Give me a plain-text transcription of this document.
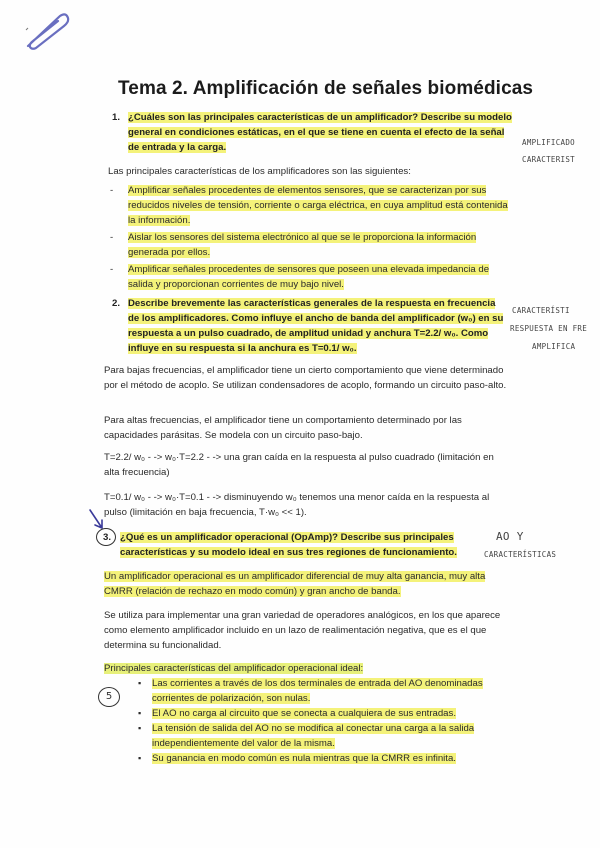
Tema 2. Amplificación de señales biomédicas
1. ¿Cuáles son las principales características de un amplificador? Describe su modelo general en condiciones estáticas, en el que se tiene en cuenta el efecto de la señal de entrada y la carga.
Las principales características de los amplificadores son las siguientes:
- Amplificar señales procedentes de elementos sensores, que se caracterizan por sus reducidos niveles de tensión, corriente o carga eléctrica, en cuya amplitud está contenida la información.
- Aislar los sensores del sistema electrónico al que se le proporciona la información generada por ellos.
- Amplificar señales procedentes de sensores que poseen una elevada impedancia de salida y proporcionan corrientes de muy bajo nivel.
2. Describe brevemente las características generales de la respuesta en frecuencia de los amplificadores. Como influye el ancho de banda del amplificador (w₀) en su respuesta a un pulso cuadrado, de amplitud unidad y anchura T=2.2/ w₀. Como influye en su respuesta si la anchura es T=0.1/ w₀.
Para bajas frecuencias, el amplificador tiene un cierto comportamiento que viene determinado por el método de acoplo. Se utilizan condensadores de acoplo, formando un circuito paso-alto.
Para altas frecuencias, el amplificador tiene un comportamiento determinado por las capacidades parásitas. Se modela con un circuito paso-bajo.
T=2.2/ w₀ - -> w₀·T=2.2 - -> una gran caída en la respuesta al pulso cuadrado (limitación en alta frecuencia)
T=0.1/ w₀ - -> w₀·T=0.1 - -> disminuyendo w₀ tenemos una menor caída en la respuesta al pulso (limitación en baja frecuencia, T·w₀ << 1).
3. ¿Qué es un amplificador operacional (OpAmp)? Describe sus principales características y su modelo ideal en sus tres regiones de funcionamiento.
Un amplificador operacional es un amplificador diferencial de muy alta ganancia, muy alta CMRR (relación de rechazo en modo común) y gran ancho de banda.
Se utiliza para implementar una gran variedad de operadores analógicos, en los que aparece como elemento amplificador incluido en un lazo de realimentación negativa, que es el que determina su funcionalidad.
Principales características del amplificador operacional ideal:
5
▪ Las corrientes a través de los dos terminales de entrada del AO denominadas corrientes de polarización, son nulas.
▪ El AO no carga al circuito que se conecta a cualquiera de sus entradas.
▪ La tensión de salida del AO no se modifica al conectar una carga a la salida independientemente del valor de la misma.
▪ Su ganancia en modo común es nula mientras que la CMRR es infinita.
AMPLIFICADO
CARACTERIST
CARACTERÍSTI
RESPUESTA EN FRE
AMPLIFICA
AO Y
CARACTERÍSTICAS
